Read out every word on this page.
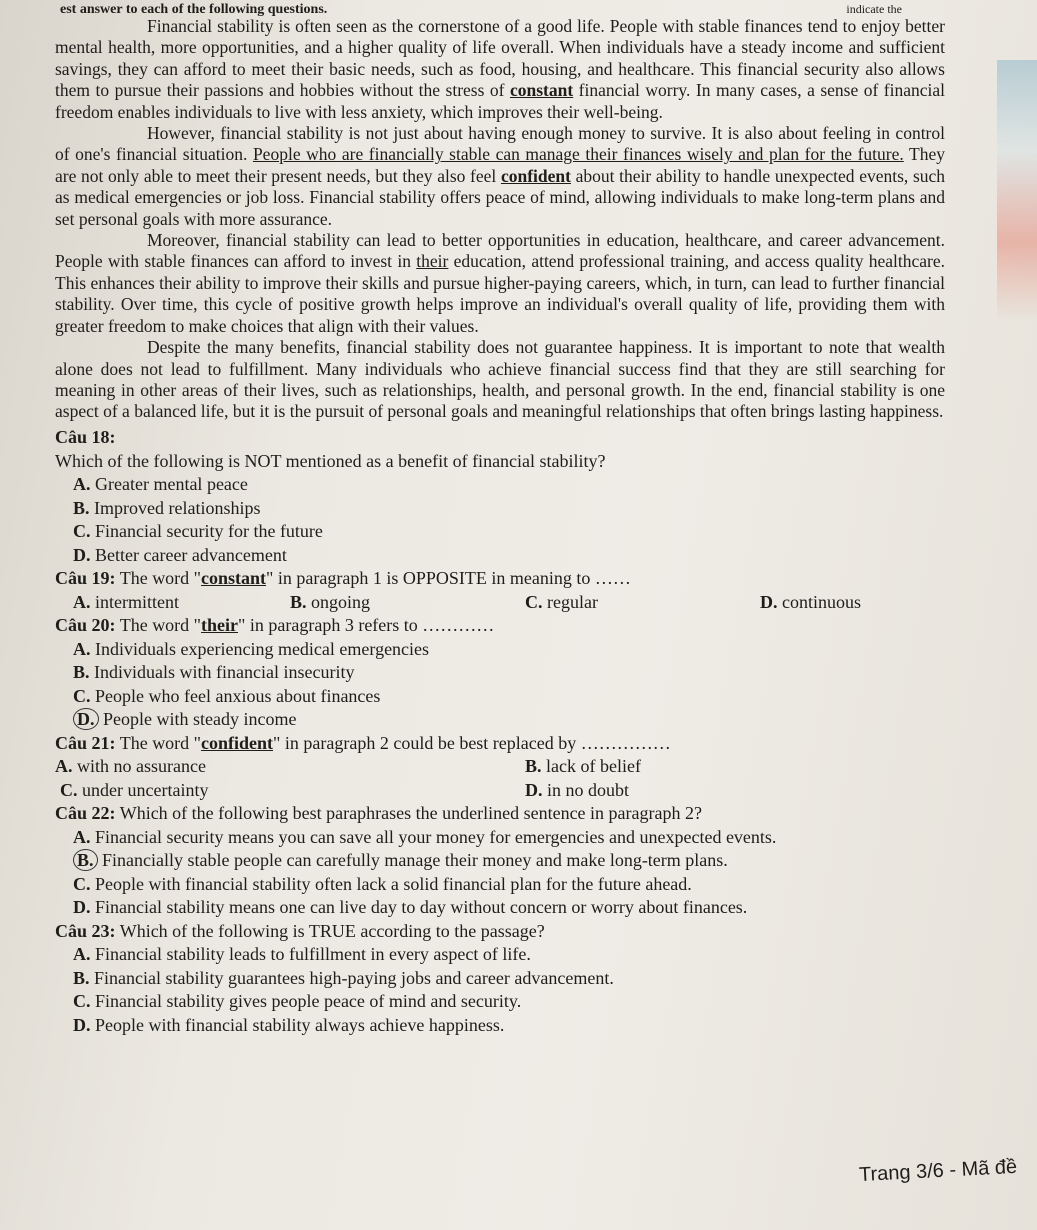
est answer to each of the following questions.	indicate the

Financial stability is often seen as the cornerstone of a good life. People with stable finances tend to enjoy better mental health, more opportunities, and a higher quality of life overall. When individuals have a steady income and sufficient savings, they can afford to meet their basic needs, such as food, housing, and healthcare. This financial security also allows them to pursue their passions and hobbies without the stress of constant financial worry. In many cases, a sense of financial freedom enables individuals to live with less anxiety, which improves their well-being.

However, financial stability is not just about having enough money to survive. It is also about feeling in control of one's financial situation. People who are financially stable can manage their finances wisely and plan for the future. They are not only able to meet their present needs, but they also feel confident about their ability to handle unexpected events, such as medical emergencies or job loss. Financial stability offers peace of mind, allowing individuals to make long-term plans and set personal goals with more assurance.

Moreover, financial stability can lead to better opportunities in education, healthcare, and career advancement. People with stable finances can afford to invest in their education, attend professional training, and access quality healthcare. This enhances their ability to improve their skills and pursue higher-paying careers, which, in turn, can lead to further financial stability. Over time, this cycle of positive growth helps improve an individual's overall quality of life, providing them with greater freedom to make choices that align with their values.

Despite the many benefits, financial stability does not guarantee happiness. It is important to note that wealth alone does not lead to fulfillment. Many individuals who achieve financial success find that they are still searching for meaning in other areas of their lives, such as relationships, health, and personal growth. In the end, financial stability is one aspect of a balanced life, but it is the pursuit of personal goals and meaningful relationships that often brings lasting happiness.

Câu 18:

Which of the following is NOT mentioned as a benefit of financial stability?

A. Greater mental peace

B. Improved relationships

C. Financial security for the future

D. Better career advancement

Câu 19: The word "constant" in paragraph 1 is OPPOSITE in meaning to ……

A. intermittent	B. ongoing	C. regular	D. continuous

Câu 20: The word "their" in paragraph 3 refers to …………

A. Individuals experiencing medical emergencies

B. Individuals with financial insecurity

C. People who feel anxious about finances

D. People with steady income

Câu 21: The word "confident" in paragraph 2 could be best replaced by ……………

A. with no assurance	B. lack of belief
C. under uncertainty	D. in no doubt

Câu 22: Which of the following best paraphrases the underlined sentence in paragraph 2?

A. Financial security means you can save all your money for emergencies and unexpected events.

B. Financially stable people can carefully manage their money and make long-term plans.

C. People with financial stability often lack a solid financial plan for the future ahead.

D. Financial stability means one can live day to day without concern or worry about finances.

Câu 23: Which of the following is TRUE according to the passage?

A. Financial stability leads to fulfillment in every aspect of life.

B. Financial stability guarantees high-paying jobs and career advancement.

C. Financial stability gives people peace of mind and security.

D. People with financial stability always achieve happiness.

Trang 3/6 - Mã đề
